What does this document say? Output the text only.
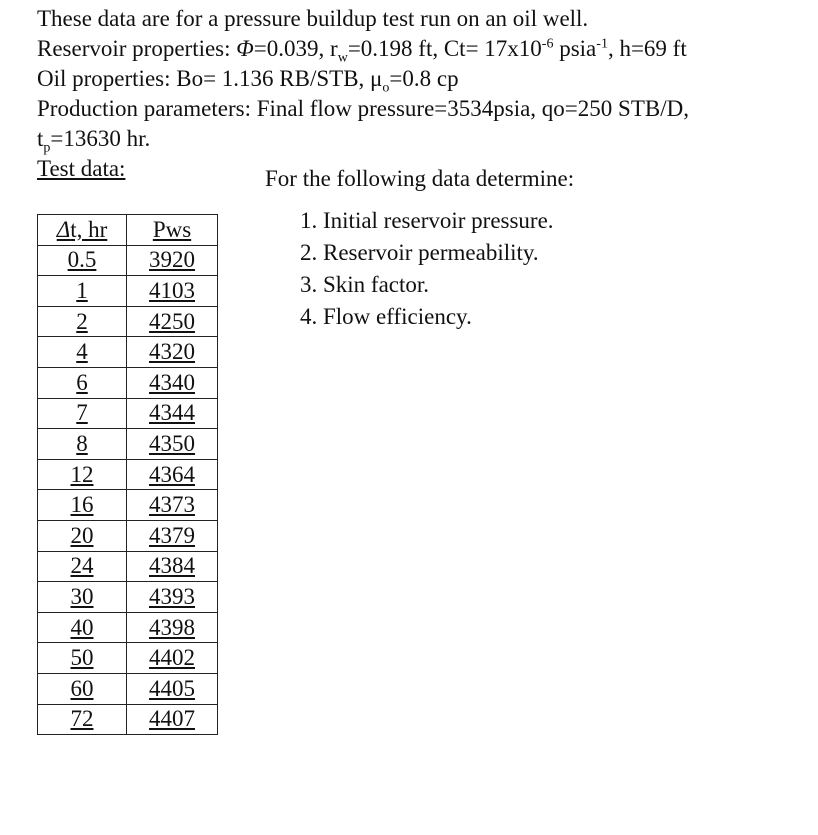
These data are for a pressure buildup test run on an oil well.
Reservoir properties: Φ=0.039, $r_w=0.198$ ft, $Ct= 17x10^{-6}$ psia$^{-1}$, h=69 ft
Oil properties: Bo= 1.136 RB/STB, $\mu_o=0.8$ cp
Production parameters: Final flow pressure=3534psia, qo=250 STB/D,
$t_p=13630$ hr.
Test data:	For the following data determine:
1. Initial reservoir pressure.
2. Reservoir permeability.
3. Skin factor.
4. Flow efficiency.
Δt, hr	Pws
0.5	3920
1	4103
2	4250
4	4320
6	4340
7	4344
8	4350
12	4364
16	4373
20	4379
24	4384
30	4393
40	4398
50	4402
60	4405
72	4407
